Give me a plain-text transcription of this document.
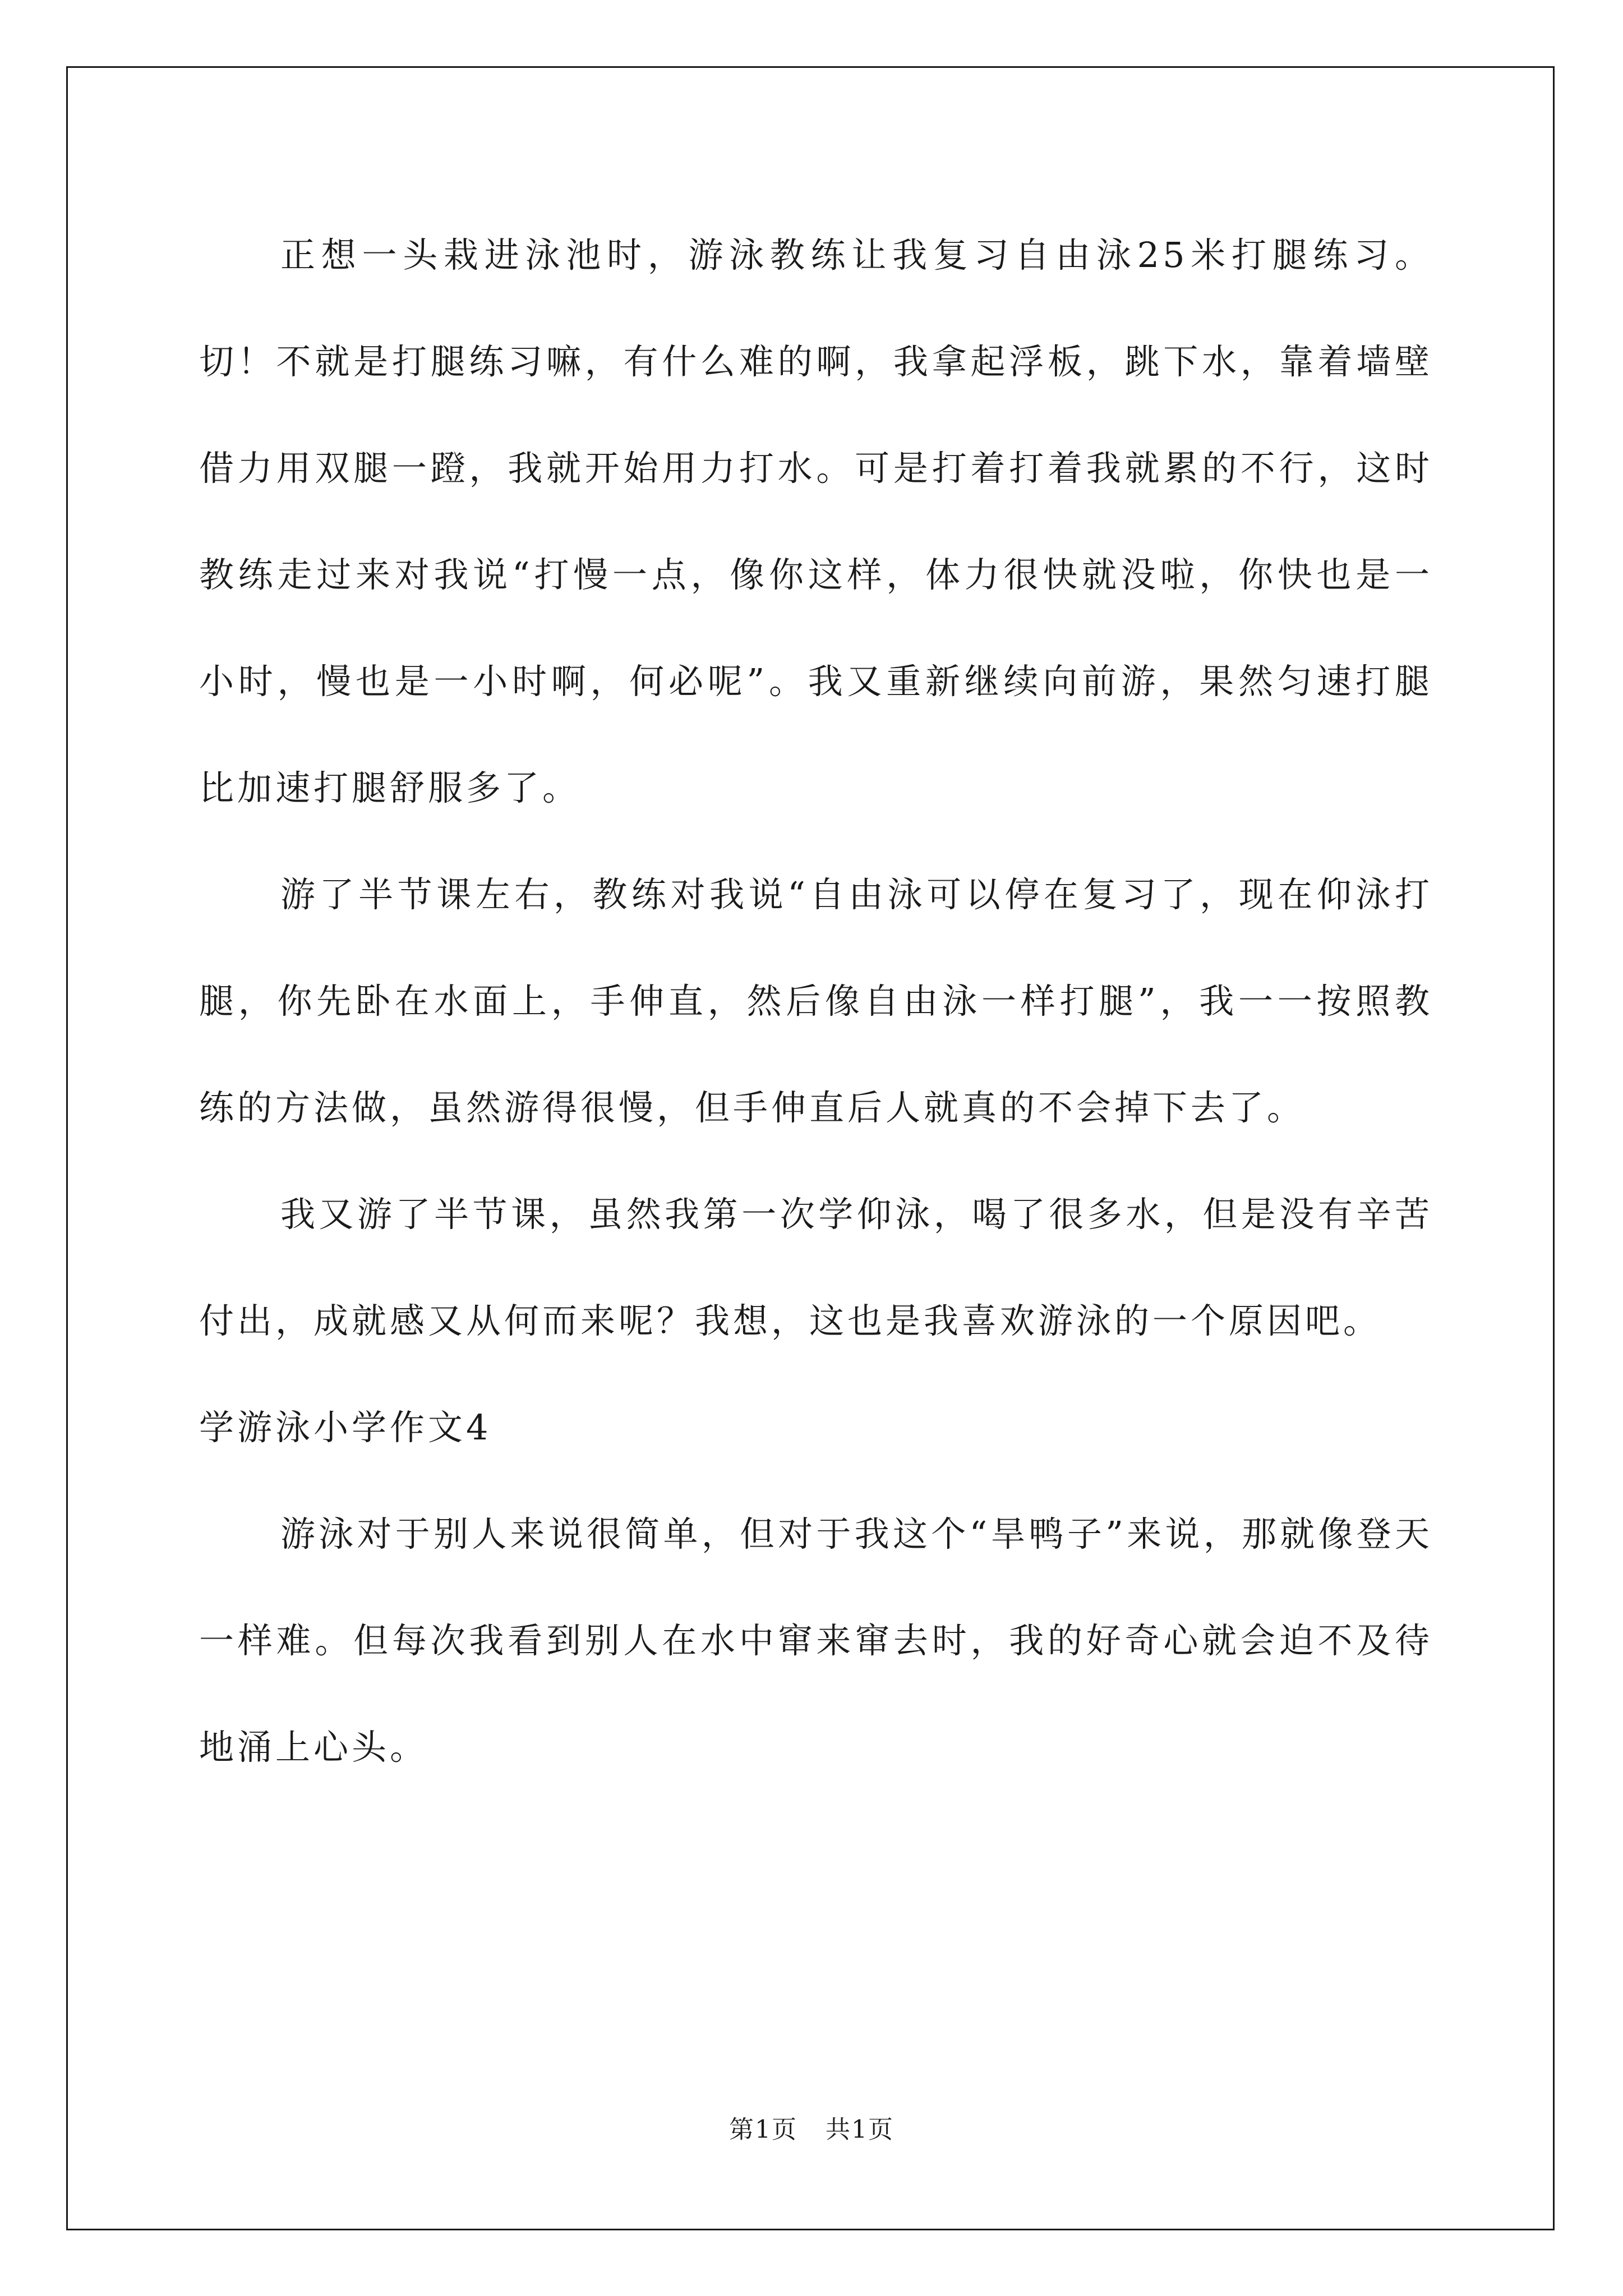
正想一头栽进泳池时，游泳教练让我复习自由泳25米打腿练习。切！不就是打腿练习嘛，有什么难的啊，我拿起浮板，跳下水，靠着墙壁借力用双腿一蹬，我就开始用力打水。可是打着打着我就累的不行，这时教练走过来对我说“打慢一点，像你这样，体力很快就没啦，你快也是一小时，慢也是一小时啊，何必呢”。我又重新继续向前游，果然匀速打腿比加速打腿舒服多了。

游了半节课左右，教练对我说“自由泳可以停在复习了，现在仰泳打腿，你先卧在水面上，手伸直，然后像自由泳一样打腿”，我一一按照教练的方法做，虽然游得很慢，但手伸直后人就真的不会掉下去了。

我又游了半节课，虽然我第一次学仰泳，喝了很多水，但是没有辛苦付出，成就感又从何而来呢？我想，这也是我喜欢游泳的一个原因吧。

学游泳小学作文4

游泳对于别人来说很简单，但对于我这个“旱鸭子”来说，那就像登天一样难。但每次我看到别人在水中窜来窜去时，我的好奇心就会迫不及待地涌上心头。

第1页 共1页
